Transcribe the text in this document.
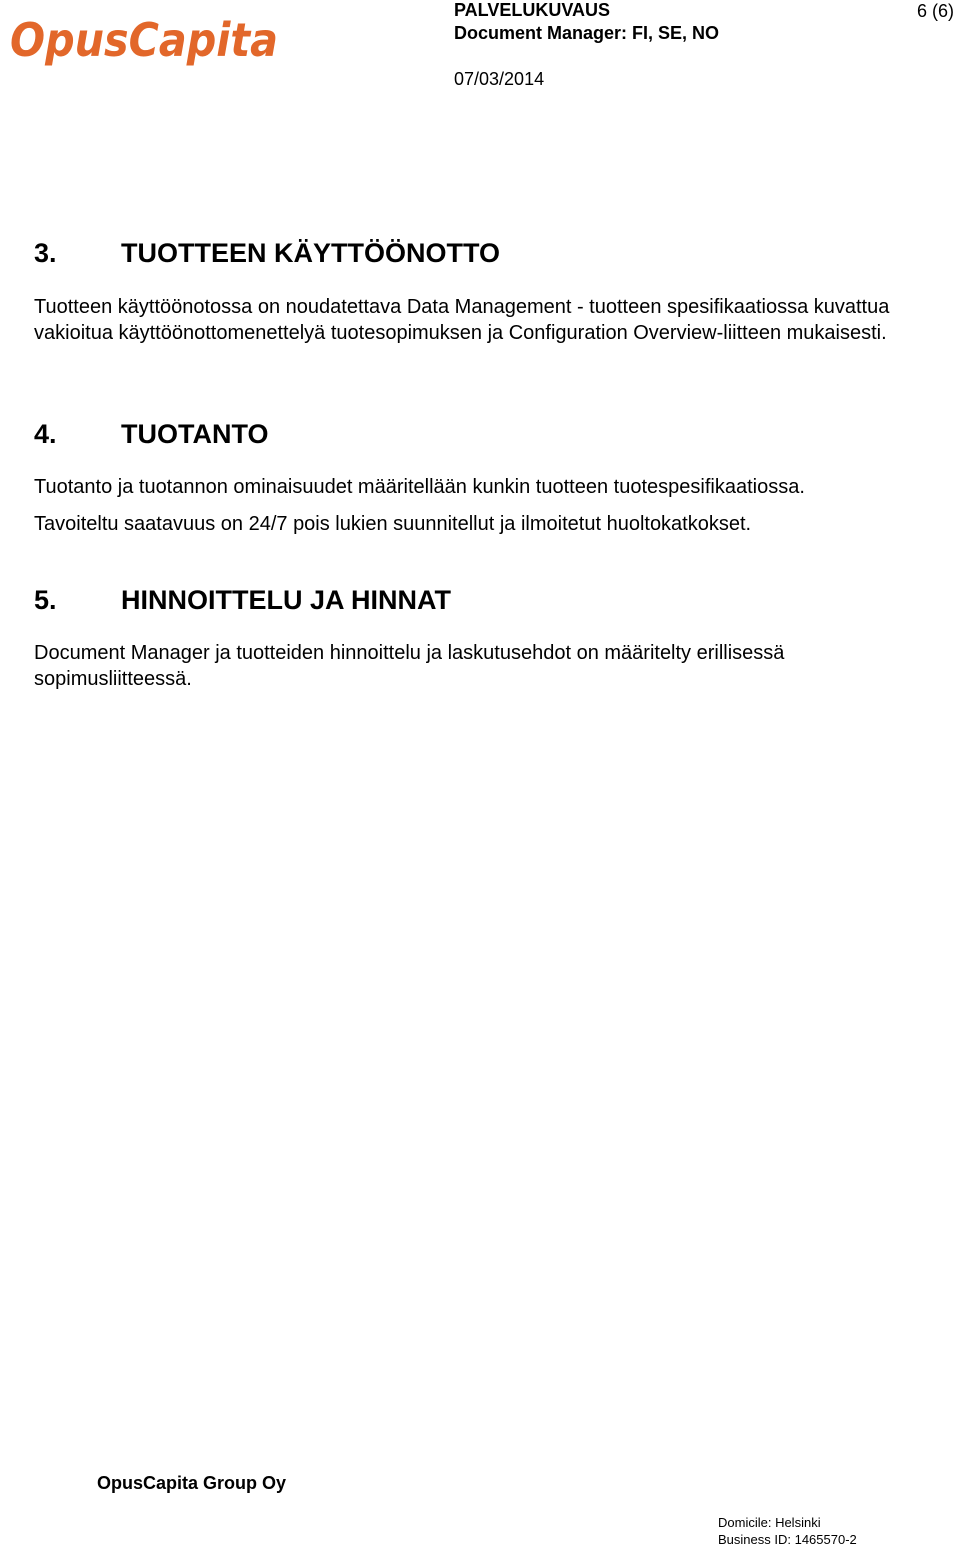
OpusCapita
PALVELUKUVAUS
Document Manager: FI, SE, NO
6 (6)
07/03/2014
3. TUOTTEEN KÄYTTÖÖNOTTO

Tuotteen käyttöönotossa on noudatettava Data Management - tuotteen spesifikaatiossa kuvattua vakioitua käyttöönottomenettelyä tuotesopimuksen ja Configuration Overview-liitteen mukaisesti.

4. TUOTANTO

Tuotanto ja tuotannon ominaisuudet määritellään kunkin tuotteen tuotespesifikaatiossa.

Tavoiteltu saatavuus on 24/7 pois lukien suunnitellut ja ilmoitetut huoltokatkokset.

5. HINNOITTELU JA HINNAT

Document Manager ja tuotteiden hinnoittelu ja laskutusehdot on määritelty erillisessä sopimusliitteessä.

OpusCapita Group Oy
Domicile: Helsinki
Business ID: 1465570-2
